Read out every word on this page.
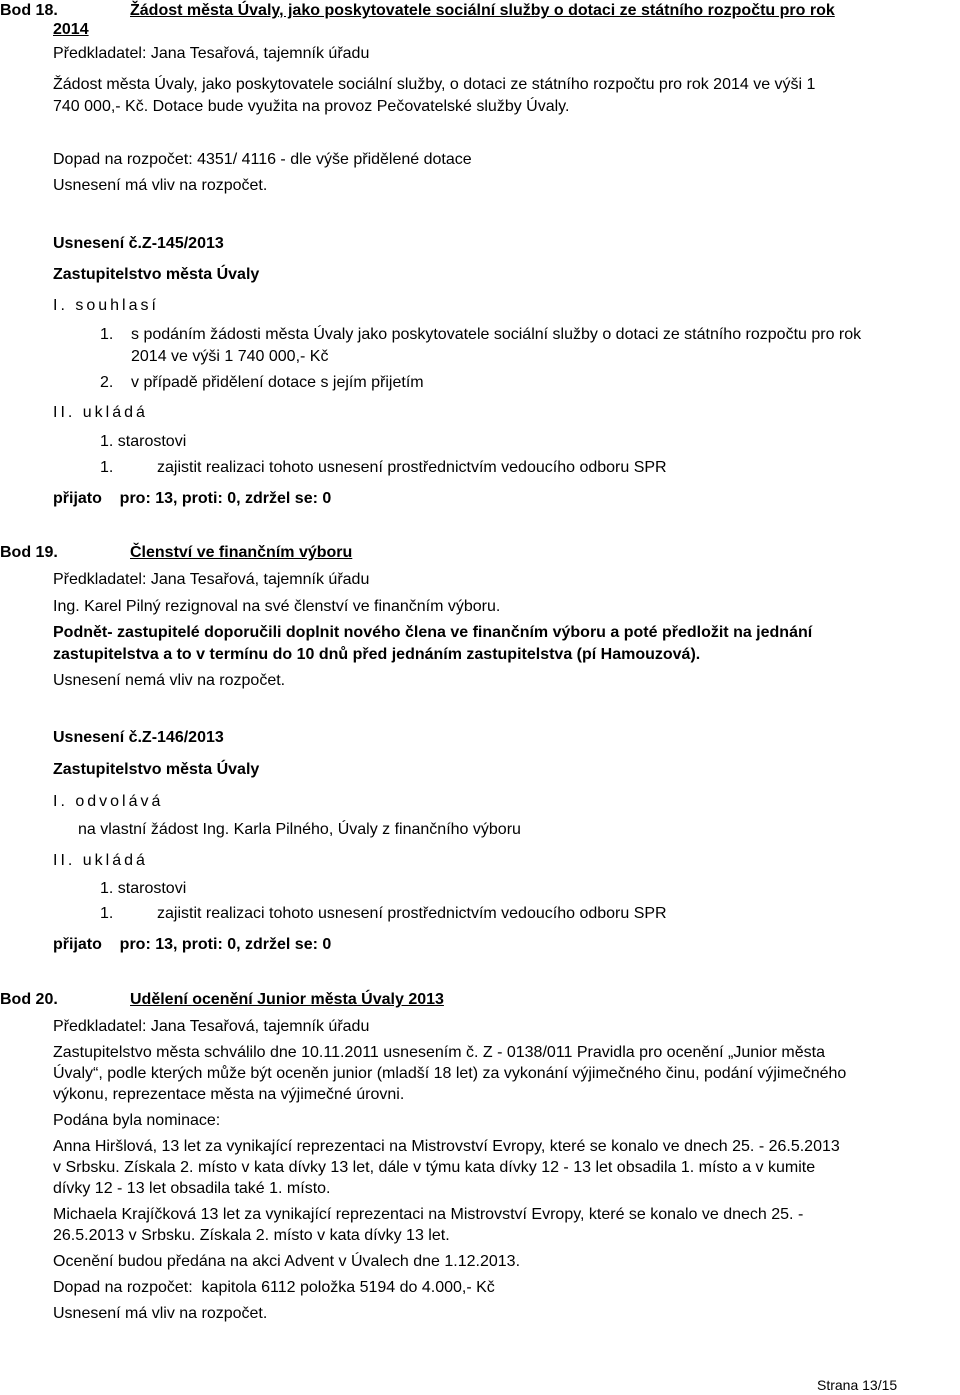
Bod 18.	Žádost města Úvaly, jako poskytovatele sociální služby o dotaci ze státního rozpočtu pro rok
2014
Předkladatel: Jana Tesařová, tajemník úřadu
Žádost města Úvaly, jako poskytovatele sociální služby, o dotaci ze státního rozpočtu pro rok 2014 ve výši 1
740 000,- Kč. Dotace bude využita na provoz Pečovatelské služby Úvaly.
Dopad na rozpočet: 4351/ 4116 - dle výše přidělené dotace
Usnesení má vliv na rozpočet.
Usnesení č.Z-145/2013
Zastupitelstvo města Úvaly
I. souhlasí
1. s podáním žádosti města Úvaly jako poskytovatele sociální služby o dotaci ze státního rozpočtu pro rok
2014 ve výši 1 740 000,- Kč
2. v případě přidělení dotace s jejím přijetím
II. ukládá
1. starostovi
1.	zajistit realizaci tohoto usnesení prostřednictvím vedoucího odboru SPR
přijato    pro: 13, proti: 0, zdržel se: 0
Bod 19.	Členství ve finančním výboru
Předkladatel: Jana Tesařová, tajemník úřadu
Ing. Karel Pilný rezignoval na své členství ve finančním výboru.
Podnět- zastupitelé doporučili doplnit nového člena ve finančním výboru a poté předložit na jednání
zastupitelstva a to v termínu do 10 dnů před jednáním zastupitelstva (pí Hamouzová).
Usnesení nemá vliv na rozpočet.
Usnesení č.Z-146/2013
Zastupitelstvo města Úvaly
I. odvolává
na vlastní žádost Ing. Karla Pilného, Úvaly z finančního výboru
II. ukládá
1. starostovi
1.	zajistit realizaci tohoto usnesení prostřednictvím vedoucího odboru SPR
přijato    pro: 13, proti: 0, zdržel se: 0
Bod 20.	Udělení ocenění Junior města Úvaly 2013
Předkladatel: Jana Tesařová, tajemník úřadu
Zastupitelstvo města schválilo dne 10.11.2011 usnesením č. Z - 0138/011 Pravidla pro ocenění „Junior města
Úvaly“, podle kterých může být oceněn junior (mladší 18 let) za vykonání výjimečného činu, podání výjimečného
výkonu, reprezentace města na výjimečné úrovni.
Podána byla nominace:
Anna Hiršlová, 13 let za vynikající reprezentaci na Mistrovství Evropy, které se konalo ve dnech 25. - 26.5.2013
v Srbsku. Získala 2. místo v kata dívky 13 let, dále v týmu kata dívky 12 - 13 let obsadila 1. místo a v kumite
dívky 12 - 13 let obsadila také 1. místo.
Michaela Krajíčková 13 let za vynikající reprezentaci na Mistrovství Evropy, které se konalo ve dnech 25. -
26.5.2013 v Srbsku. Získala 2. místo v kata dívky 13 let.
Ocenění budou předána na akci Advent v Úvalech dne 1.12.2013.
Dopad na rozpočet:  kapitola 6112 položka 5194 do 4.000,- Kč
Usnesení má vliv na rozpočet.
Strana 13/15
